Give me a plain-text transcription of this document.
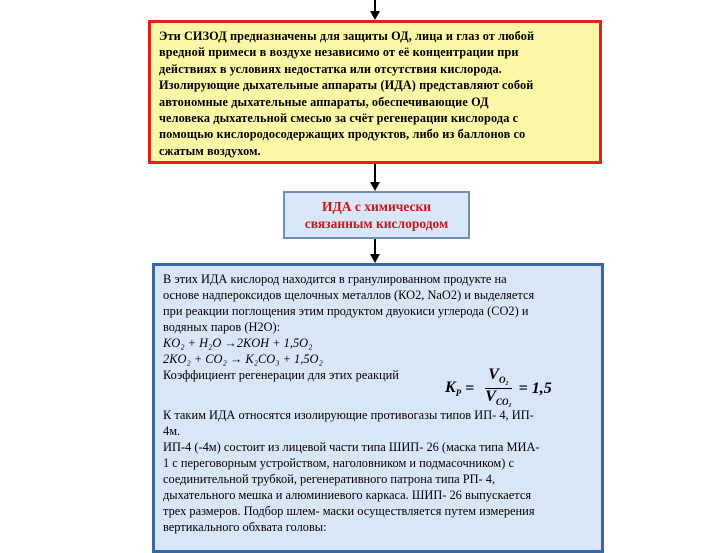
Эти СИЗОД предназначены для защиты ОД, лица и глаз от любой

вредной примеси в воздухе независимо от её концентрации при

действиях в условиях недостатка или отсутствия кислорода.

Изолирующие дыхательные аппараты (ИДА) представляют собой

автономные дыхательные аппараты, обеспечивающие ОД

человека дыхательной смесью за счёт регенерации кислорода с

помощью кислородосодержащих продуктов, либо из баллонов со

сжатым воздухом.

ИДА с химически
связанным кислородом
В этих ИДА кислород находится в гранулированном продукте на
основе надпероксидов щелочных металлов (КО2, NaO2) и выделяется
при реакции поглощения этим продуктом двуокиси углерода (СО2) и
водяных паров (Н2О):
KO₂ + H₂O →2KOH + 1,5O₂
2KO₂ + CO₂ → K₂CO₃ + 1,5O₂
Коэффициент регенерации для этих реакций
$K_P = \frac{V_{O_2}}{V_{CO_2}} = 1,5$
К таким ИДА относятся изолирующие противогазы типов ИП- 4, ИП-
4м.
ИП-4 (-4м) состоит из лицевой части типа ШИП- 26 (маска типа МИА-
1 с переговорным устройством, наголовником и подмасочником) с
соединительной трубкой, регенеративного патрона типа РП- 4,
дыхательного мешка и алюминиевого каркаса. ШИП- 26 выпускается
трех размеров. Подбор шлем- маски осуществляется путем измерения
вертикального обхвата головы:
